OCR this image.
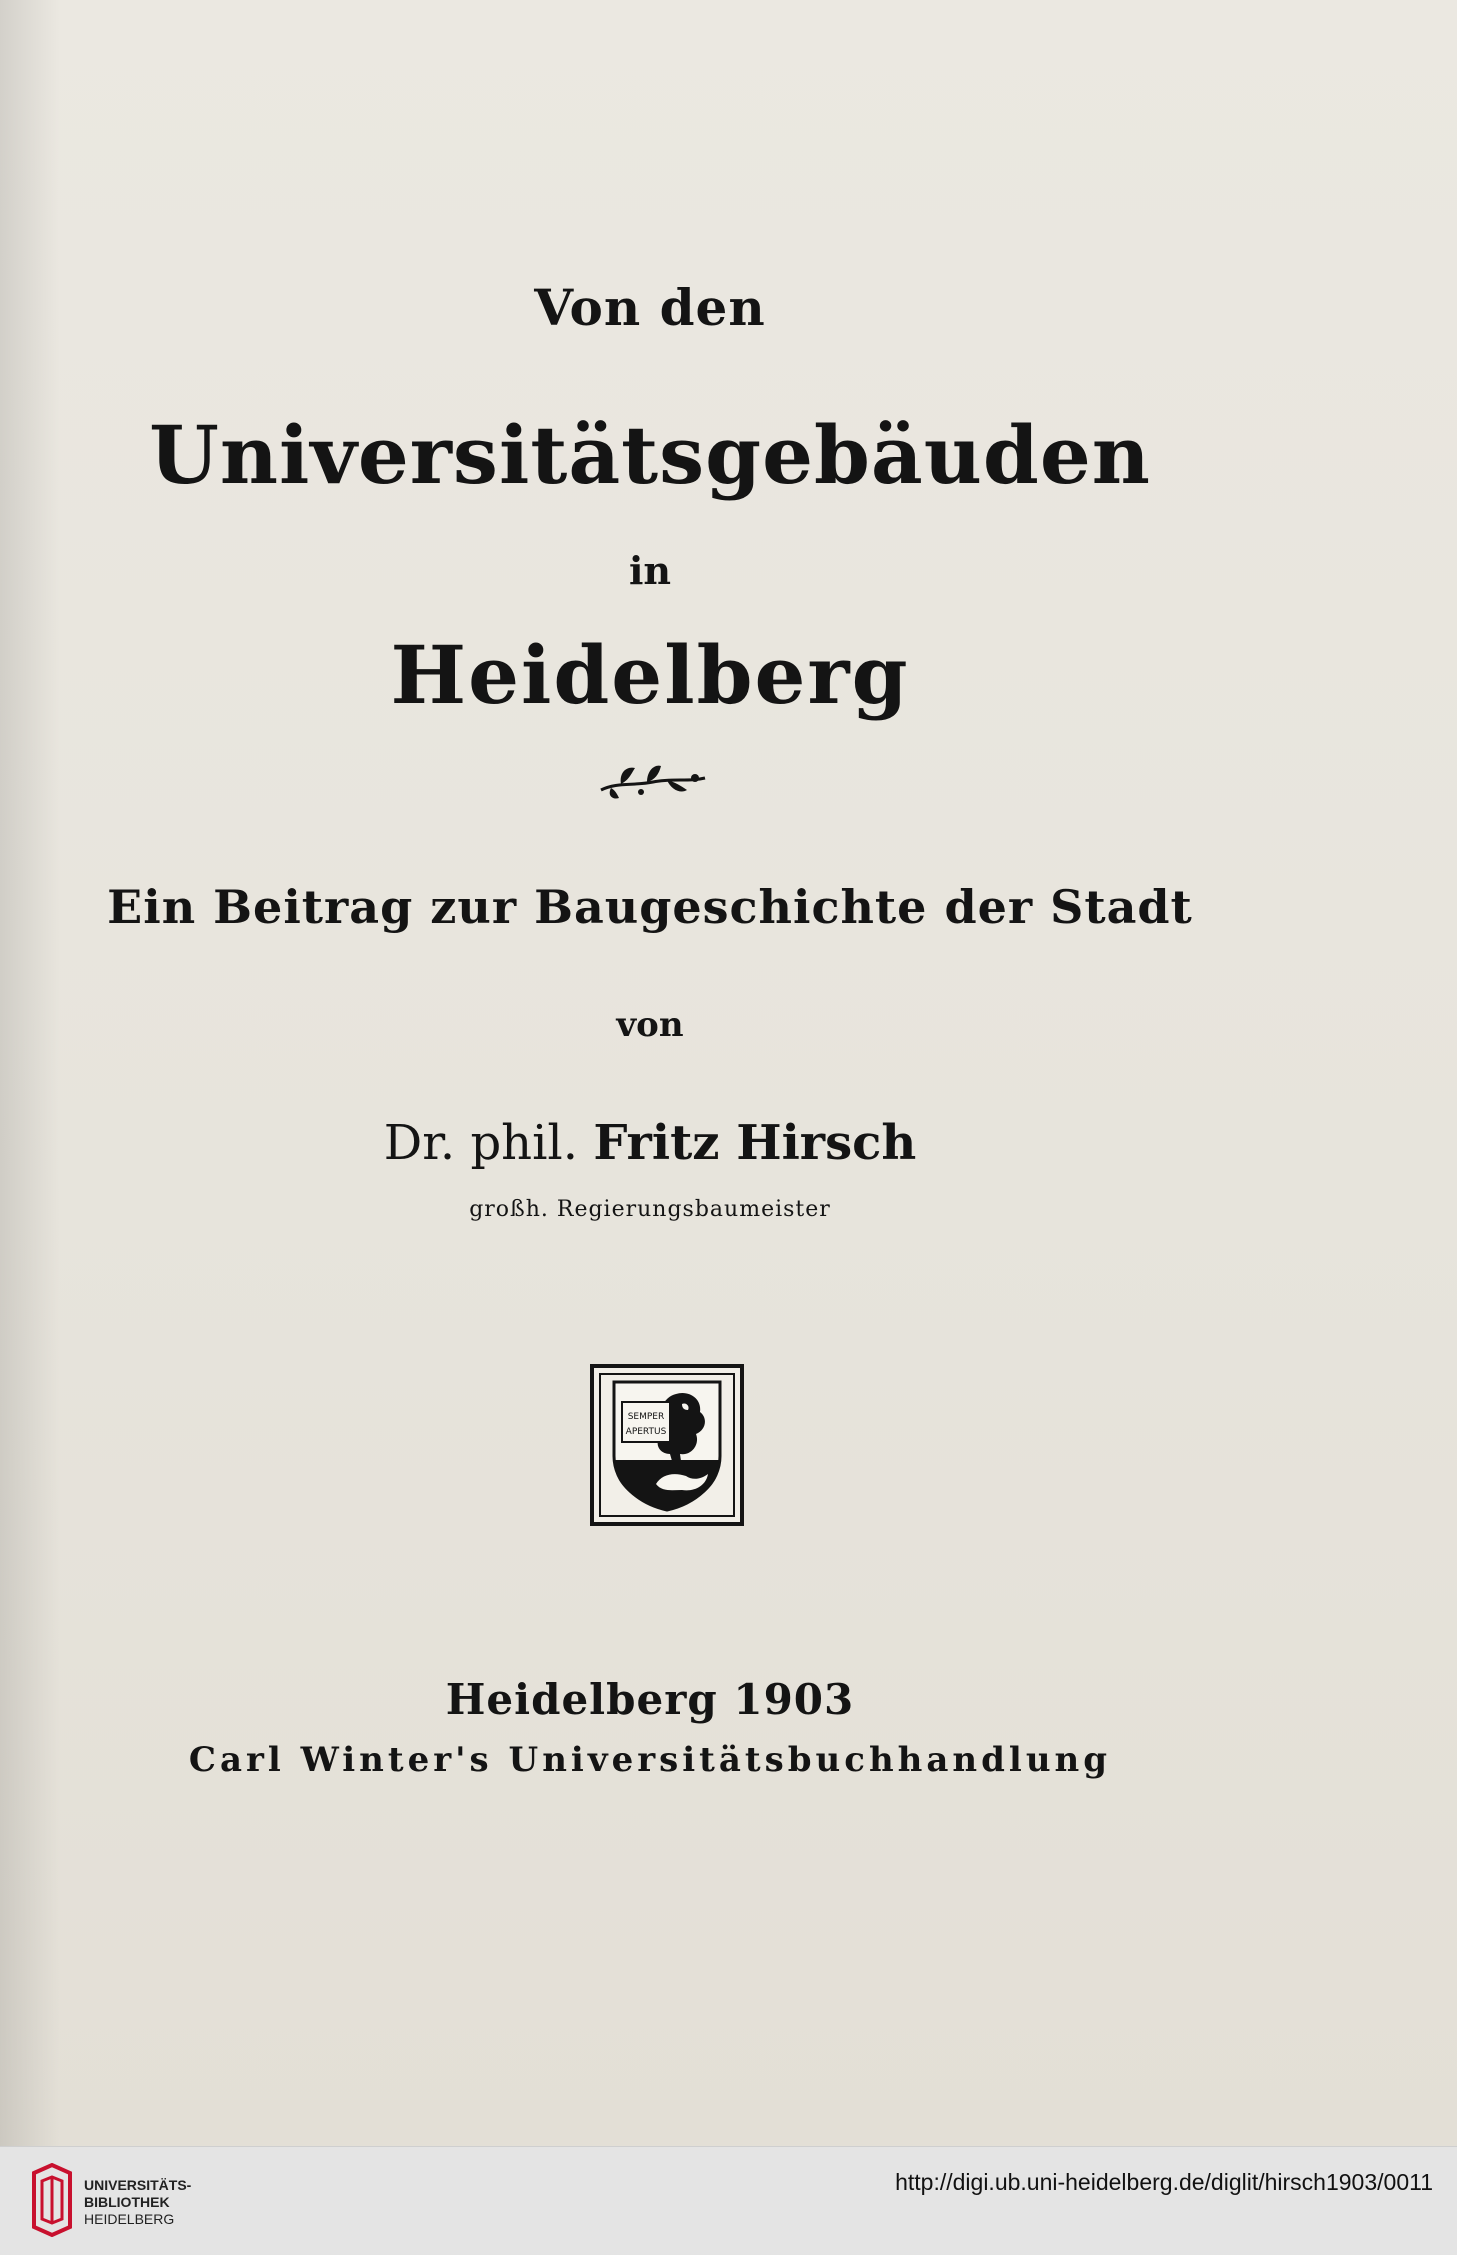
Von den
Universitätsgebäuden
in
Heidelberg
Ein Beitrag zur Baugeschichte der Stadt
von
Dr. phil. Fritz Hirsch
großh. Regierungsbaumeister
SEMPER
APERTUS
Heidelberg 1903
Carl Winter's Universitätsbuchhandlung
UNIVERSITÄTS-
BIBLIOTHEK
HEIDELBERG
http://digi.ub.uni-heidelberg.de/diglit/hirsch1903/0011
